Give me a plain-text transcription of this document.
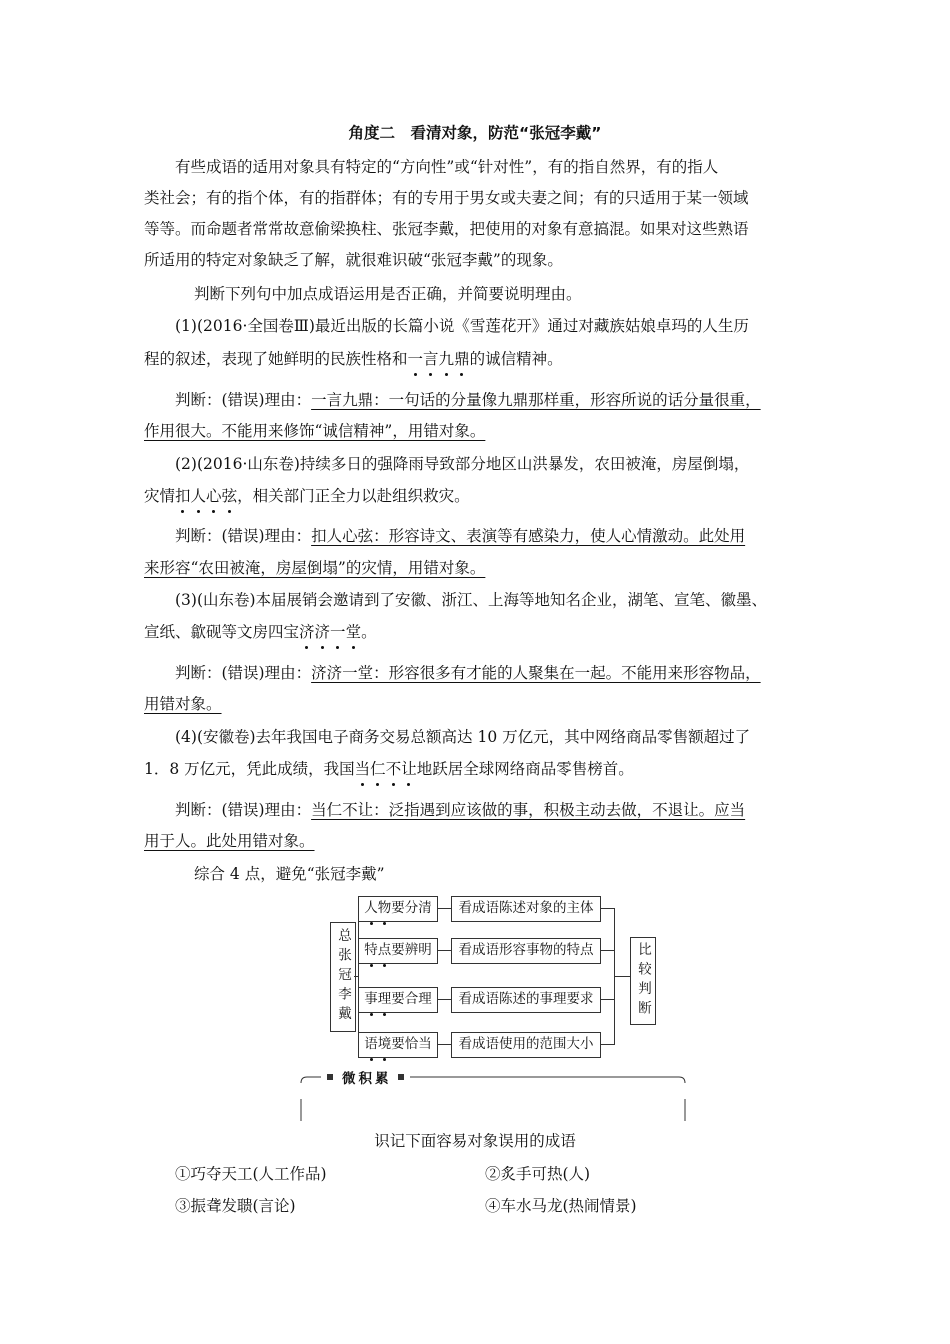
角度二　看清对象，防范“张冠李戴”
有些成语的适用对象具有特定的“方向性”或“针对性”，有的指自然界，有的指人
类社会；有的指个体，有的指群体；有的专用于男女或夫妻之间；有的只适用于某一领域
等等。而命题者常常故意偷梁换柱、张冠李戴，把使用的对象有意搞混。如果对这些熟语
所适用的特定对象缺乏了解，就很难识破“张冠李戴”的现象。
判断下列句中加点成语运用是否正确，并简要说明理由。
(1)(2016·全国卷Ⅲ)最近出版的长篇小说《雪莲花开》通过对藏族姑娘卓玛的人生历
程的叙述，表现了她鲜明的民族性格和一言九鼎的诚信精神。
判断：(错误)理由：一言九鼎：一句话的分量像九鼎那样重，形容所说的话分量很重，
作用很大。不能用来修饰“诚信精神”，用错对象。
(2)(2016·山东卷)持续多日的强降雨导致部分地区山洪暴发，农田被淹，房屋倒塌，
灾情扣人心弦，相关部门正全力以赴组织救灾。
判断：(错误)理由：扣人心弦：形容诗文、表演等有感染力，使人心情激动。此处用
来形容“农田被淹，房屋倒塌”的灾情，用错对象。
(3)(山东卷)本届展销会邀请到了安徽、浙江、上海等地知名企业，湖笔、宣笔、徽墨、
宣纸、歙砚等文房四宝济济一堂。
判断：(错误)理由：济济一堂：形容很多有才能的人聚集在一起。不能用来形容物品，
用错对象。
(4)(安徽卷)去年我国电子商务交易总额高达 10 万亿元，其中网络商品零售额超过了
1．8 万亿元，凭此成绩，我国当仁不让地跃居全球网络商品零售榜首。
判断：(错误)理由：当仁不让：泛指遇到应该做的事，积极主动去做，不退让。应当
用于人。此处用错对象。
综合 4 点，避免“张冠李戴”
总张冠李戴
人物要分清
特点要辨明
事理要合理
语境要恰当
看成语陈述对象的主体
看成语形容事物的特点
看成语陈述的事理要求
看成语使用的范围大小
比较判断
微积累
识记下面容易对象误用的成语
①巧夺天工(人工作品)	②炙手可热(人)
③振聋发聩(言论)	④车水马龙(热闹情景)
